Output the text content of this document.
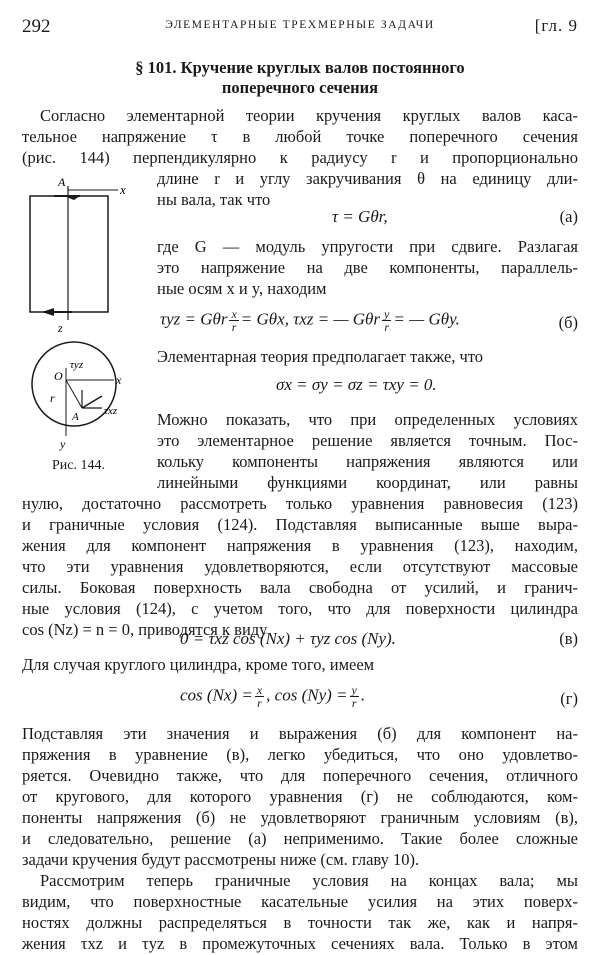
292	ЭЛЕМЕНТАРНЫЕ ТРЕХМЕРНЫЕ ЗАДАЧИ	[гл. 9
§ 101. Кручение круглых валов постоянного
поперечного сечения
A	x
z
O
τyz
x
r
A τxz
y
Рис. 144.
Согласно элементарной теории кручения круглых валов каса-
тельное напряжение τ в любой точке поперечного сечения
(рис. 144) перпендикулярно к радиусу r и пропорционально
длине r и углу закручивания θ на единицу дли-
ны вала, так что
τ = Gθr,	(а)
где G — модуль упругости при сдвиге. Разлагая
это напряжение на две компоненты, параллель-
ные осям x и y, находим
τyz = Gθr $\frac{x}{r} = G\theta x$, τxz = — Gθr $\frac{y}{r}$ = — Gθy.	(б)
Элементарная теория предполагает также, что
σx = σy = σz = τxy = 0.
Можно показать, что при определенных условиях
это элементарное решение является точным. Пос-
кольку компоненты напряжения являются или
линейными функциями координат, или равны
нулю, достаточно рассмотреть только уравнения равновесия (123)
и граничные условия (124). Подставляя выписанные выше выра-
жения для компонент напряжения в уравнения (123), находим,
что эти уравнения удовлетворяются, если отсутствуют массовые
силы. Боковая поверхность вала свободна от усилий, и гранич-
ные условия (124), с учетом того, что для поверхности цилиндра
cos (Nz) = n = 0, приводятся к виду
0 = τxz cos (Nx) + τyz cos (Ny).	(в)
Для случая круглого цилиндра, кроме того, имеем
$\cos (Nx) = \frac{x}{r}$ , $\cos (Ny) = \frac{y}{r}$ .	(г)
Подставляя эти значения и выражения (б) для компонент на-
пряжения в уравнение (в), легко убедиться, что оно удовлетво-
ряется. Очевидно также, что для поперечного сечения, отличного
от кругового, для которого уравнения (г) не соблюдаются, ком-
поненты напряжения (б) не удовлетворяют граничным условиям (в),
и следовательно, решение (а) неприменимо. Такие более сложные
задачи кручения будут рассмотрены ниже (см. главу 10).
Рассмотрим теперь граничные условия на концах вала; мы
видим, что поверхностные касательные усилия на этих поверх-
ностях должны распределяться в точности так же, как и напря-
жения τxz и τyz в промежуточных сечениях вала. Только в этом
